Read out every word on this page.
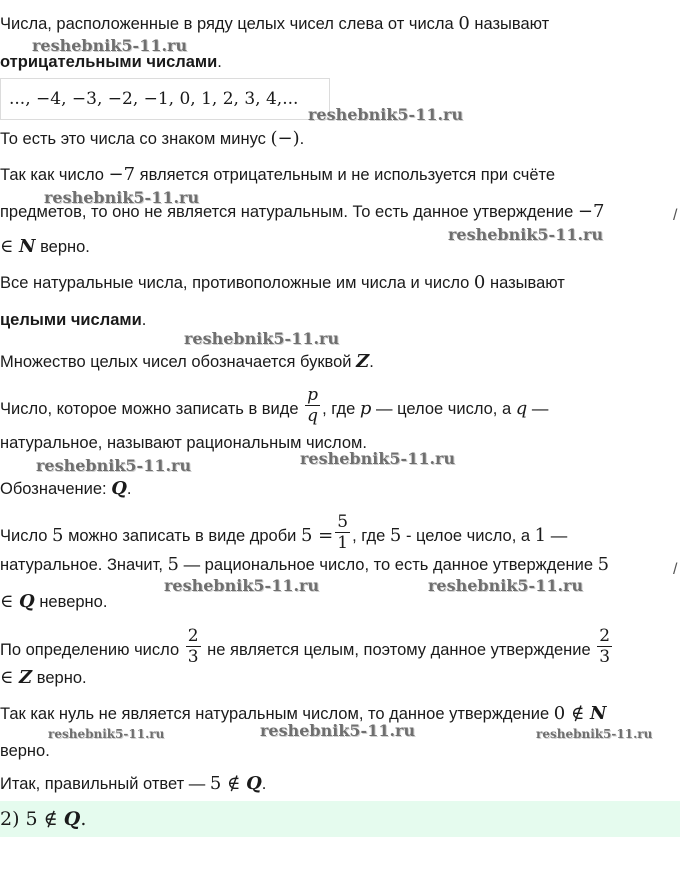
Числа, расположенные в ряду целых чисел слева от числа 0 называют
отрицательными числами.
..., −4, −3, −2, −1, 0, 1, 2, 3, 4,...
То есть это числа со знаком минус (−).
Так как число −7 является отрицательным и не используется при счёте
предметов, то оно не является натуральным. То есть данное утверждение −7	/
∈ N верно.
Все натуральные числа, противоположные им числа и число 0 называют
целыми числами.
Множество целых чисел обозначается буквой Z.
Число, которое можно записать в виде $\frac{p}{q}$ , где p — целое число, а q —
натуральное, называют рациональным числом.
Обозначение: Q.
Число 5 можно записать в виде дроби $5 = \frac{5}{1}$ , где 5 - целое число, а 1 —
натуральное. Значит, 5 — рациональное число, то есть данное утверждение 5	/
∈ Q неверно.
По определению число $\frac{2}{3}$ не является целым, поэтому данное утверждение $\frac{2}{3}$
∈ Z верно.
Так как нуль не является натуральным числом, то данное утверждение 0 ∉ N
верно.
Итак, правильный ответ — 5 ∉ Q.
2) 5 ∉ Q.
reshebnik5-11.ru
reshebnik5-11.ru
reshebnik5-11.ru
reshebnik5-11.ru
reshebnik5-11.ru
reshebnik5-11.ru
reshebnik5-11.ru
reshebnik5-11.ru	reshebnik5-11.ru
reshebnik5-11.ru	reshebnik5-11.ru	reshebnik5-11.ru
